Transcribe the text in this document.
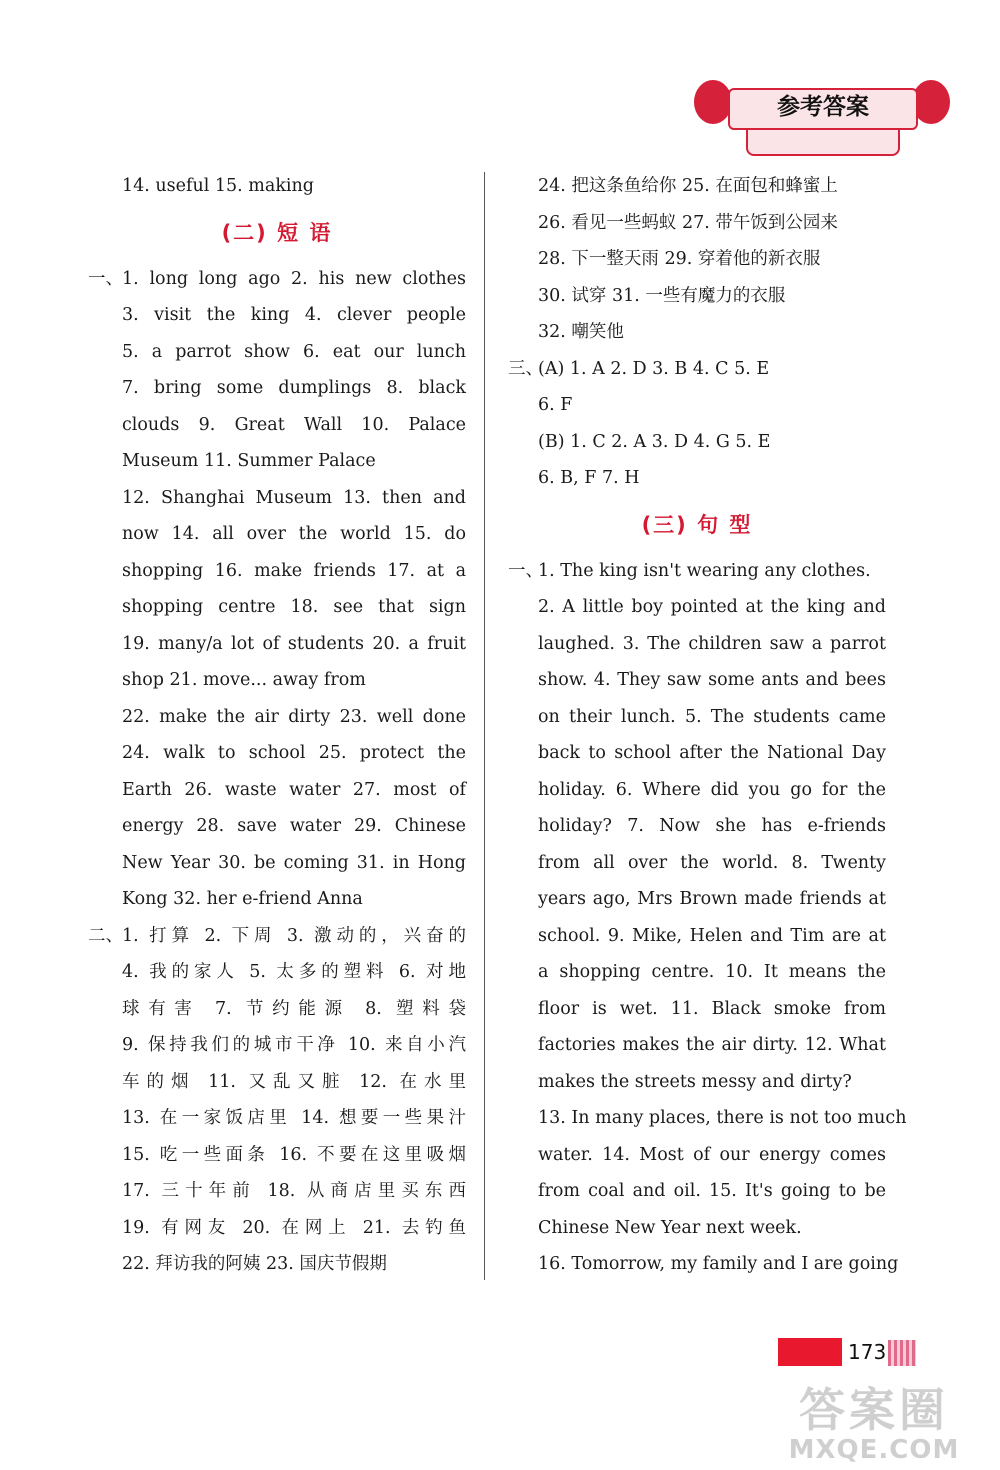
参考答案
14. useful 15. making
(二) 短 语
一、 1. long long ago 2. his new clothes
3. visit the king 4. clever people
5. a parrot show 6. eat our lunch
7. bring some dumplings 8. black
clouds 9. Great Wall 10. Palace
Museum 11. Summer Palace
12. Shanghai Museum 13. then and
now 14. all over the world 15. do
shopping 16. make friends 17. at a
shopping centre 18. see that sign
19. many/a lot of students 20. a fruit
shop 21. move... away from
22. make the air dirty 23. well done
24. walk to school 25. protect the
Earth 26. waste water 27. most of
energy 28. save water 29. Chinese
New Year 30. be coming 31. in Hong
Kong 32. her e-friend Anna
二、 1. 打算 2. 下周 3. 激动的，兴奋的
4. 我的家人 5. 太多的塑料 6. 对地
球有害 7. 节约能源 8. 塑料袋
9. 保持我们的城市干净 10. 来自小汽
车的烟 11. 又乱又脏 12. 在水里
13. 在一家饭店里 14. 想要一些果汁
15. 吃一些面条 16. 不要在这里吸烟
17. 三十年前 18. 从商店里买东西
19. 有网友 20. 在网上 21. 去钓鱼
22. 拜访我的阿姨 23. 国庆节假期
24. 把这条鱼给你 25. 在面包和蜂蜜上
26. 看见一些蚂蚁 27. 带午饭到公园来
28. 下一整天雨 29. 穿着他的新衣服
30. 试穿 31. 一些有魔力的衣服
32. 嘲笑他
三、
(A) 1. A 2. D 3. B 4. C 5. E
6. F
(B) 1. C 2. A 3. D 4. G 5. E
6. B, F 7. H
(三) 句 型
一、
1. The king isn't wearing any clothes.
2. A little boy pointed at the king and
laughed. 3. The children saw a parrot
show. 4. They saw some ants and bees
on their lunch. 5. The students came
back to school after the National Day
holiday. 6. Where did you go for the
holiday? 7. Now she has e-friends
from all over the world. 8. Twenty
years ago, Mrs Brown made friends at
school. 9. Mike, Helen and Tim are at
a shopping centre. 10. It means the
floor is wet. 11. Black smoke from
factories makes the air dirty. 12. What
makes the streets messy and dirty?
13. In many places, there is not too much
water. 14. Most of our energy comes
from coal and oil. 15. It's going to be
Chinese New Year next week.
16. Tomorrow, my family and I are going
173
答案圈
MXQE.COM
